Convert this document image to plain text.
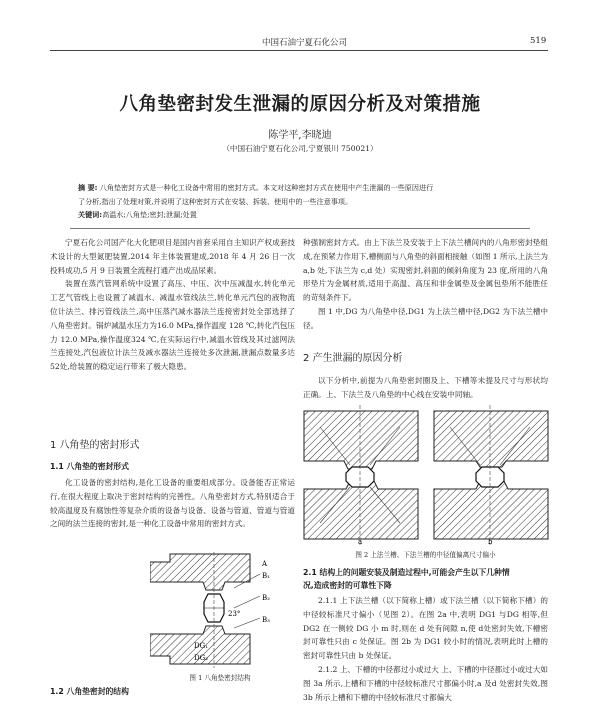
中国石油宁夏石化公司	519
八角垫密封发生泄漏的原因分析及对策措施
陈学平,李晓迪
（中国石油宁夏石化公司,宁夏银川 750021）
摘 要: 八角垫密封方式是一种化工设备中常用的密封方式。本文对这种密封方式在使用中产生泄漏的一些原因进行
了分析,指出了处理对策,并说明了这种密封方式在安装、拆装、使用中的一些注意事项。
关键词:高温水;八角垫;密封;泄漏;处置

宁夏石化公司国产化大化肥项目是国内首套采用自主知识产权成套技术设计的大型氮肥装置,2014 年主体装置建成,2018 年 4 月 26 日一次投料成功,5 月 9 日装置全流程打通产出成品尿素。

装置在蒸汽管网系统中设置了高压、中压、次中压减温水,转化单元工艺气管线上也设置了减温水、减温水管线法兰,转化单元汽包的液物流位计法兰、排污管线法兰,高中压蒸汽减水器法兰连接密封处全部选择了八角垫密封。锅炉减温水压力为16.0 MPa,操作温度 128 ℃,转化汽包压力 12.0 MPa,操作温度324 ℃,在实际运行中,减温水管线及其过滤网法兰连接处,汽包液位计法兰及减水器法兰连接处多次泄漏,泄漏点数量多达 52处,给装置的稳定运行带来了极大隐患。

1 八角垫的密封形式
1.1 八角垫的密封形式

化工设备的密封结构,是化工设备的重要组成部分。设备能否正常运行,在很大程度上取决于密封结构的完善性。八角垫密封方式,特别适合于较高温度及有腐蚀性等复杂介质的设备与设备、设备与管道、管道与管道之间的法兰连接的密封,是一种化工设备中常用的密封方式。

A
B₁
B₂
B₃
DG₁
DG₂
23°
图 1 八角垫密封结构
1.2 八角垫密封的结构

种强制密封方式。由上下法兰及安装于上下法兰槽间内的八角形密封垫组成,在预紧力作用下,槽侧面与八角垫的斜面相接触（如图 1 所示,上法兰为 a,b 处,下法兰为 c,d 处）实现密封,斜面的倾斜角度为 23 度,所用的八角形垫片为金属材质,适用于高温、高压和非金属垫及金属包垫所不能胜任的苛刻条件下。

图 1 中,DG 为八角垫中径,DG1 为上法兰槽中径,DG2 为下法兰槽中径。

2 产生泄漏的原因分析

以下分析中,前提为八角垫密封圈及上、下槽等未提及尺寸与形状均正确。上、下法兰及八角垫的中心线在安装中同轴。

a	b
图 2 上法兰槽、下法兰槽的中径值偏离尺寸偏小
2.1 结构上的问题安装及制造过程中,可能会产生以下几种情
况,造成密封的可靠性下降

2.1.1 上下法兰槽（以下简称上槽）或下法兰槽（以下简称下槽）的中径较标准尺寸偏小（见图 2）。在图 2a 中,表明 DG1 与DG 相等,但 DG2 在一侧较 DG 小 m 时,则在 d 处有间隙 n,使 d处密封失效,下槽密封可靠性只由 c 处保证。图 2b 为 DG1 较小时的情况,表明此时上槽的密封可靠性只由 b 处保证。

2.1.2 上、下槽的中径都过小或过大 上、下槽的中径都过小或过大如图 3a 所示,上槽和下槽的中径较标准尺寸都偏小时,a 及d 处密封失效,图 3b 所示上槽和下槽的中径较标准尺寸都偏大
